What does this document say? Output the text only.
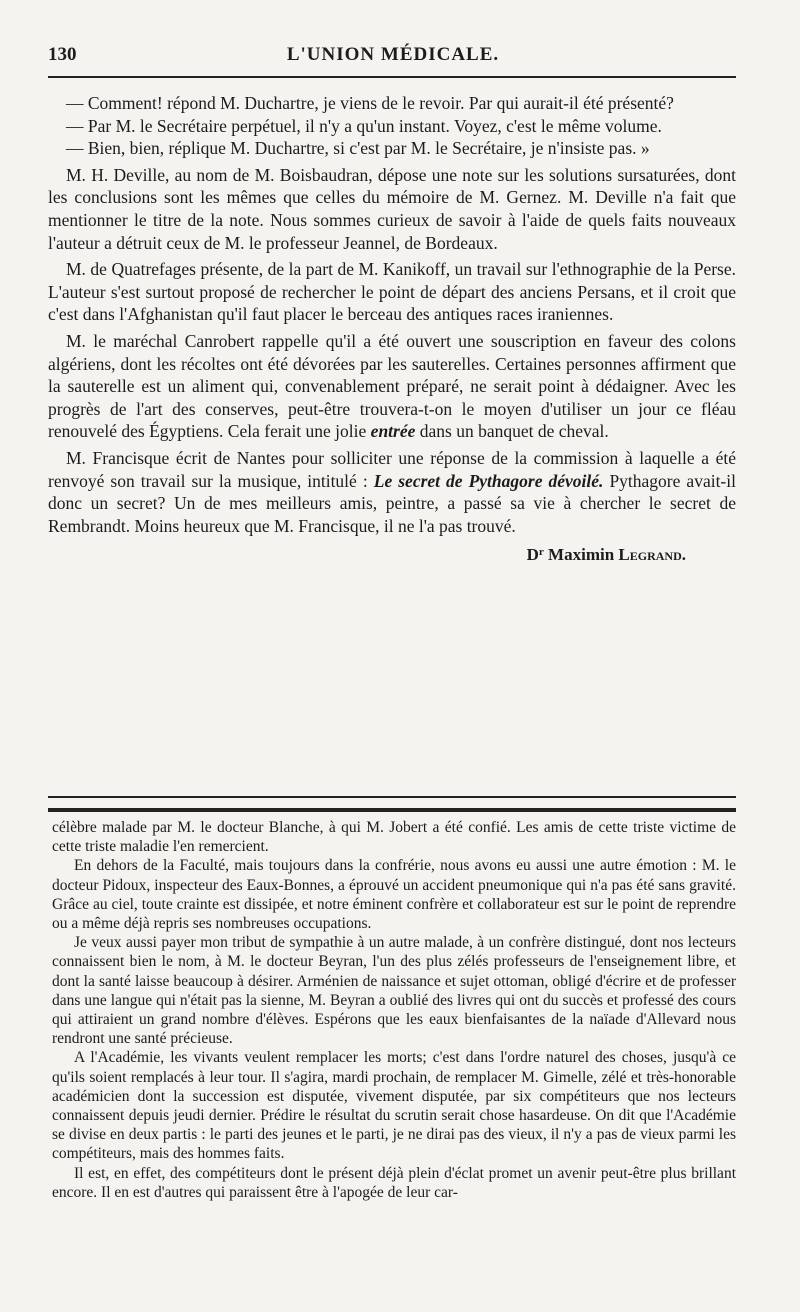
130	L'UNION MÉDICALE.

— Comment! répond M. Duchartre, je viens de le revoir. Par qui aurait-il été présenté?

— Par M. le Secrétaire perpétuel, il n'y a qu'un instant. Voyez, c'est le même volume.

— Bien, bien, réplique M. Duchartre, si c'est par M. le Secrétaire, je n'insiste pas. »

M. H. Deville, au nom de M. Boisbaudran, dépose une note sur les solutions sursaturées, dont les conclusions sont les mêmes que celles du mémoire de M. Gernez. M. Deville n'a fait que mentionner le titre de la note. Nous sommes curieux de savoir à l'aide de quels faits nouveaux l'auteur a détruit ceux de M. le professeur Jeannel, de Bordeaux.

M. de Quatrefages présente, de la part de M. Kanikoff, un travail sur l'ethnographie de la Perse. L'auteur s'est surtout proposé de rechercher le point de départ des anciens Persans, et il croit que c'est dans l'Afghanistan qu'il faut placer le berceau des antiques races iraniennes.

M. le maréchal Canrobert rappelle qu'il a été ouvert une souscription en faveur des colons algériens, dont les récoltes ont été dévorées par les sauterelles. Certaines personnes affirment que la sauterelle est un aliment qui, convenablement préparé, ne serait point à dédaigner. Avec les progrès de l'art des conserves, peut-être trouvera-t-on le moyen d'utiliser un jour ce fléau renouvelé des Égyptiens. Cela ferait une jolie entrée dans un banquet de cheval.

M. Francisque écrit de Nantes pour solliciter une réponse de la commission à laquelle a été renvoyé son travail sur la musique, intitulé : Le secret de Pythagore dévoilé. Pythagore avait-il donc un secret? Un de mes meilleurs amis, peintre, a passé sa vie à chercher le secret de Rembrandt. Moins heureux que M. Francisque, il ne l'a pas trouvé.

$D^r$ Maximin Legrand.

célèbre malade par M. le docteur Blanche, à qui M. Jobert a été confié. Les amis de cette triste victime de cette triste maladie l'en remercient.

En dehors de la Faculté, mais toujours dans la confrérie, nous avons eu aussi une autre émotion : M. le docteur Pidoux, inspecteur des Eaux-Bonnes, a éprouvé un accident pneumonique qui n'a pas été sans gravité. Grâce au ciel, toute crainte est dissipée, et notre éminent confrère et collaborateur est sur le point de reprendre ou a même déjà repris ses nombreuses occupations.

Je veux aussi payer mon tribut de sympathie à un autre malade, à un confrère distingué, dont nos lecteurs connaissent bien le nom, à M. le docteur Beyran, l'un des plus zélés professeurs de l'enseignement libre, et dont la santé laisse beaucoup à désirer. Arménien de naissance et sujet ottoman, obligé d'écrire et de professer dans une langue qui n'était pas la sienne, M. Beyran a oublié des livres qui ont du succès et professé des cours qui attiraient un grand nombre d'élèves. Espérons que les eaux bienfaisantes de la naïade d'Allevard nous rendront une santé précieuse.

A l'Académie, les vivants veulent remplacer les morts; c'est dans l'ordre naturel des choses, jusqu'à ce qu'ils soient remplacés à leur tour. Il s'agira, mardi prochain, de remplacer M. Gimelle, zélé et très-honorable académicien dont la succession est disputée, vivement disputée, par six compétiteurs que nos lecteurs connaissent depuis jeudi dernier. Prédire le résultat du scrutin serait chose hasardeuse. On dit que l'Académie se divise en deux partis : le parti des jeunes et le parti, je ne dirai pas des vieux, il n'y a pas de vieux parmi les compétiteurs, mais des hommes faits.

Il est, en effet, des compétiteurs dont le présent déjà plein d'éclat promet un avenir peut-être plus brillant encore. Il en est d'autres qui paraissent être à l'apogée de leur car-
